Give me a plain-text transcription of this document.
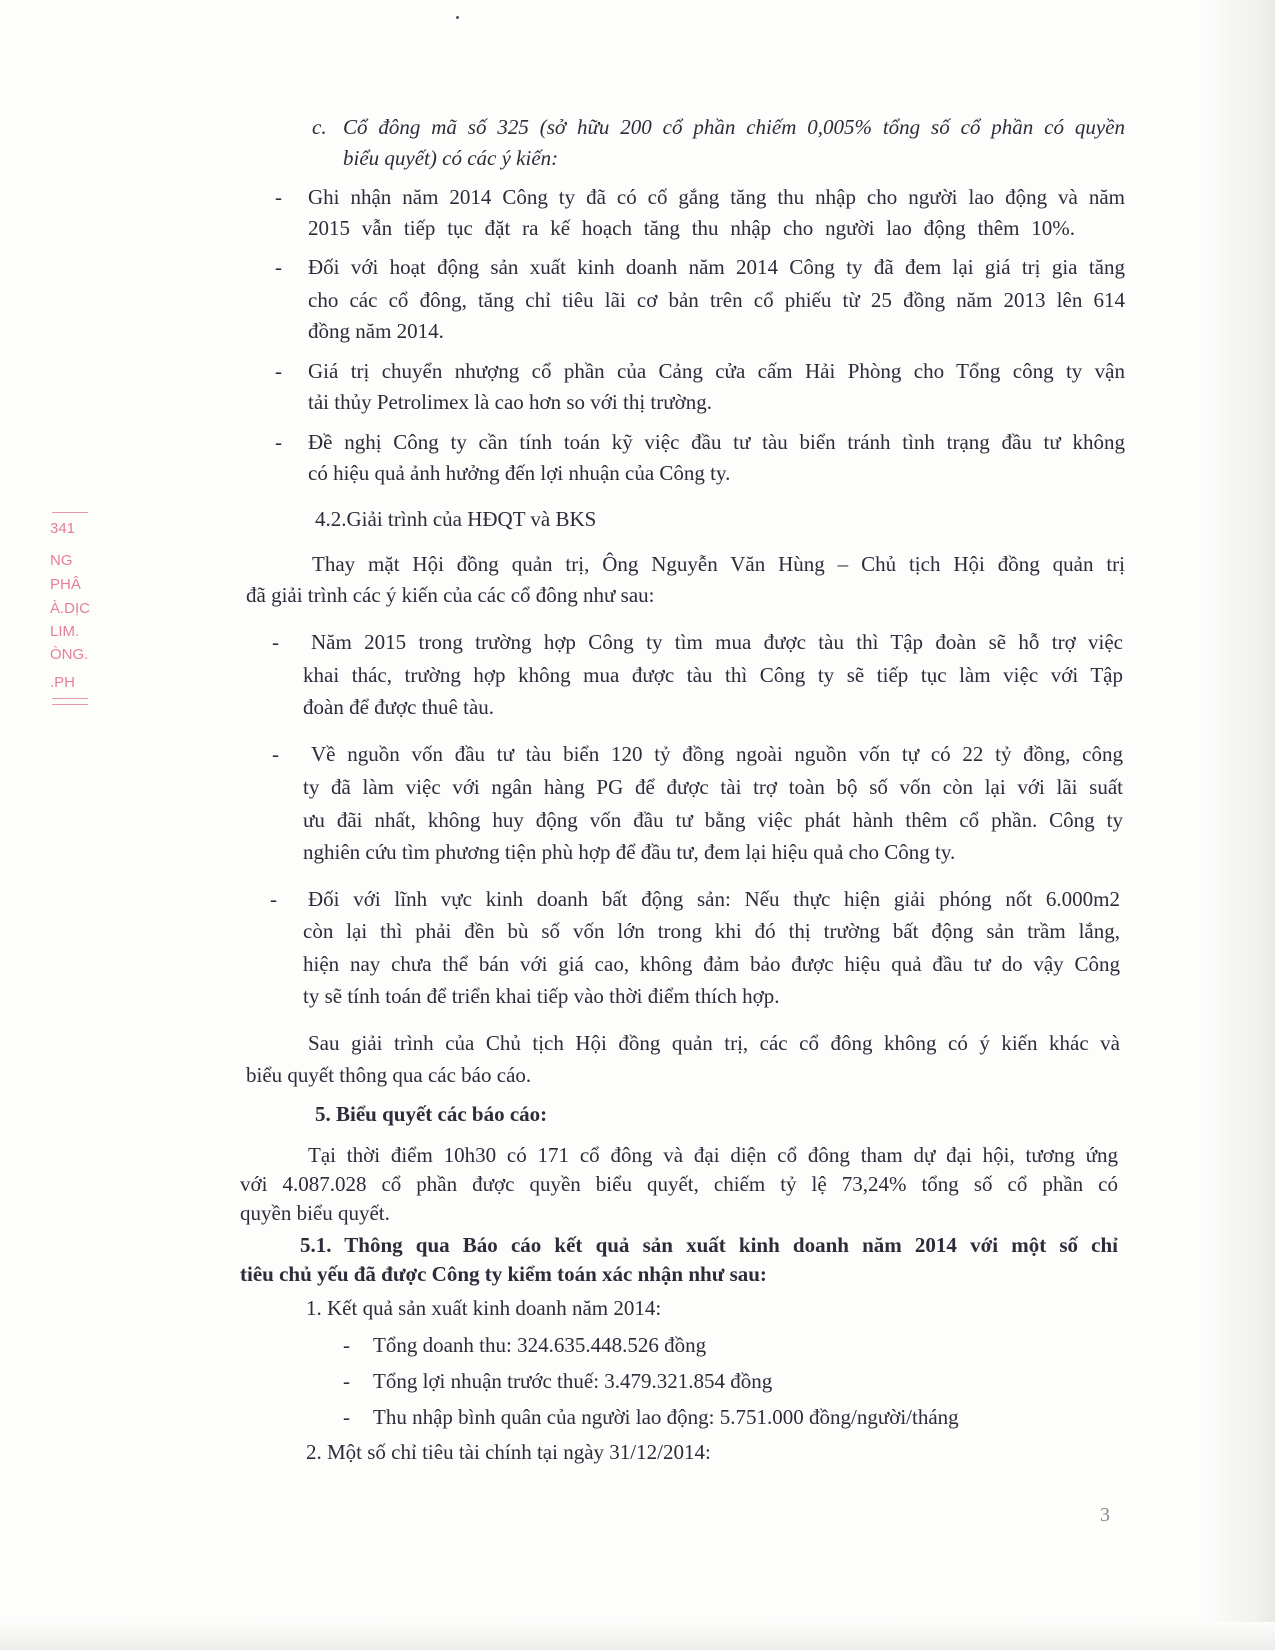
c. Cổ đông mã số 325 (sở hữu 200 cổ phần chiếm 0,005% tổng số cổ phần có quyền
biểu quyết) có các ý kiến:
- Ghi nhận năm 2014 Công ty đã có cố gắng tăng thu nhập cho người lao động và năm
2015 vẫn tiếp tục đặt ra kế hoạch tăng thu nhập cho người lao động thêm 10%.
- Đối với hoạt động sản xuất kinh doanh năm 2014 Công ty đã đem lại giá trị gia tăng
cho các cổ đông, tăng chỉ tiêu lãi cơ bản trên cổ phiếu từ 25 đồng năm 2013 lên 614
đồng năm 2014.
- Giá trị chuyển nhượng cổ phần của Cảng cửa cấm Hải Phòng cho Tổng công ty vận
tải thủy Petrolimex là cao hơn so với thị trường.
- Đề nghị Công ty cần tính toán kỹ việc đầu tư tàu biển tránh tình trạng đầu tư không
có hiệu quả ảnh hưởng đến lợi nhuận của Công ty.
4.2.Giải trình của HĐQT và BKS
Thay mặt Hội đồng quản trị, Ông Nguyễn Văn Hùng – Chủ tịch Hội đồng quản trị
đã giải trình các ý kiến của các cổ đông như sau:
- Năm 2015 trong trường hợp Công ty tìm mua được tàu thì Tập đoàn sẽ hỗ trợ việc
khai thác, trường hợp không mua được tàu thì Công ty sẽ tiếp tục làm việc với Tập
đoàn để được thuê tàu.
- Về nguồn vốn đầu tư tàu biển 120 tỷ đồng ngoài nguồn vốn tự có 22 tỷ đồng, công
ty đã làm việc với ngân hàng PG để được tài trợ toàn bộ số vốn còn lại với lãi suất
ưu đãi nhất, không huy động vốn đầu tư bằng việc phát hành thêm cổ phần. Công ty
nghiên cứu tìm phương tiện phù hợp để đầu tư, đem lại hiệu quả cho Công ty.
- Đối với lĩnh vực kinh doanh bất động sản: Nếu thực hiện giải phóng nốt 6.000m2
còn lại thì phải đền bù số vốn lớn trong khi đó thị trường bất động sản trầm lắng,
hiện nay chưa thể bán với giá cao, không đảm bảo được hiệu quả đầu tư do vậy Công
ty sẽ tính toán để triển khai tiếp vào thời điểm thích hợp.
Sau giải trình của Chủ tịch Hội đồng quản trị, các cổ đông không có ý kiến khác và
biểu quyết thông qua các báo cáo.
5. Biểu quyết các báo cáo:
Tại thời điểm 10h30 có 171 cổ đông và đại diện cổ đông tham dự đại hội, tương ứng
với 4.087.028 cổ phần được quyền biểu quyết, chiếm tỷ lệ 73,24% tổng số cổ phần có
quyền biểu quyết.
5.1. Thông qua Báo cáo kết quả sản xuất kinh doanh năm 2014 với một số chỉ
tiêu chủ yếu đã được Công ty kiểm toán xác nhận như sau:
1. Kết quả sản xuất kinh doanh năm 2014:
- Tổng doanh thu: 324.635.448.526 đồng
- Tổng lợi nhuận trước thuế: 3.479.321.854 đồng
- Thu nhập bình quân của người lao động: 5.751.000 đồng/người/tháng
2. Một số chỉ tiêu tài chính tại ngày 31/12/2014:
3
341
NG
PHÂ
À.DỊC
LIM.
ÒNG.
.PH
